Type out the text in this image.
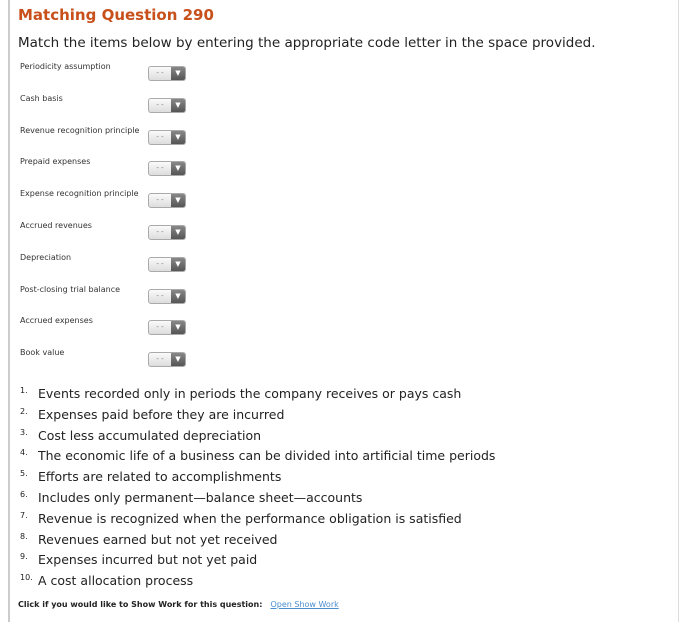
Matching Question 290
Match the items below by entering the appropriate code letter in the space provided.
Periodicity assumption
- -	▼
Cash basis
- -	▼
Revenue recognition principle
- -	▼
Prepaid expenses
- -	▼
Expense recognition principle
- -	▼
Accrued revenues
- -	▼
Depreciation
- -	▼
Post-closing trial balance
- -	▼
Accrued expenses
- -	▼
Book value
- -	▼
1. Events recorded only in periods the company receives or pays cash
2. Expenses paid before they are incurred
3. Cost less accumulated depreciation
4. The economic life of a business can be divided into artificial time periods
5. Efforts are related to accomplishments
6. Includes only permanent—balance sheet—accounts
7. Revenue is recognized when the performance obligation is satisfied
8. Revenues earned but not yet received
9. Expenses incurred but not yet paid
10. A cost allocation process
Click if you would like to Show Work for this question: Open Show Work
